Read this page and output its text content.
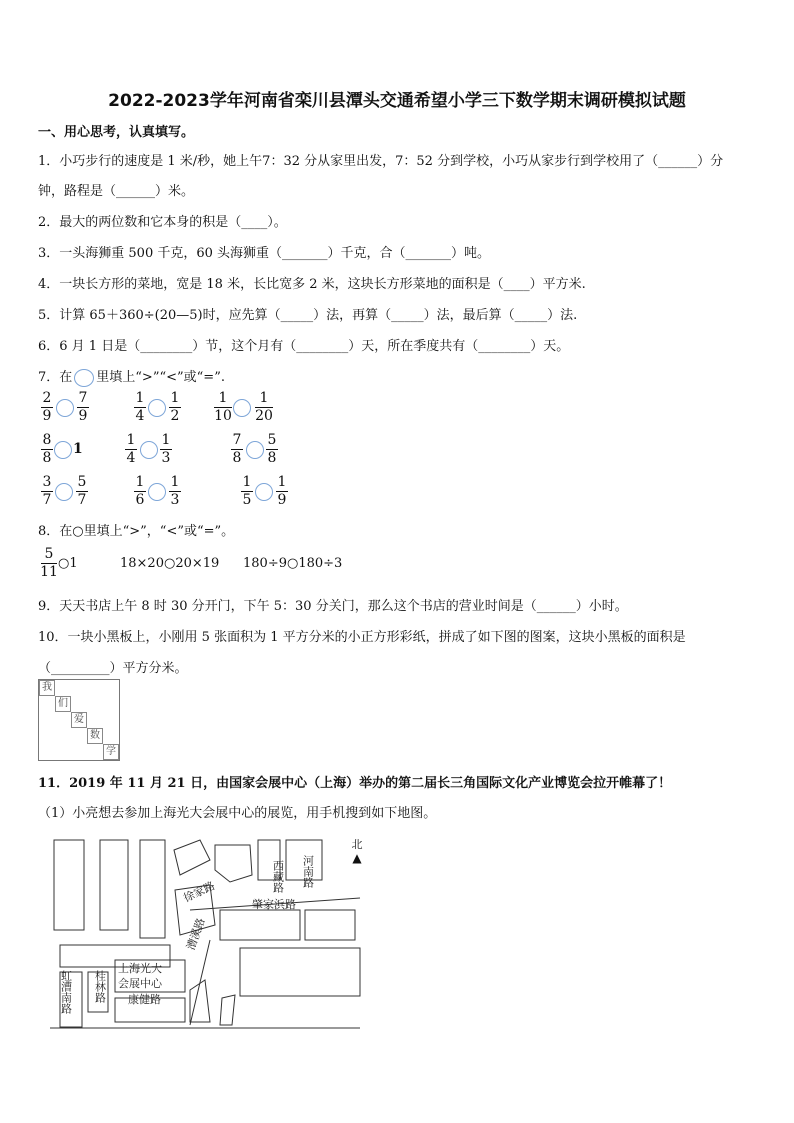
2022-2023学年河南省栾川县潭头交通希望小学三下数学期末调研模拟试题
一、用心思考，认真填写。
1．小巧步行的速度是 1 米/秒，她上午7：32 分从家里出发，7：52 分到学校，小巧从家步行到学校用了（______）分
钟，路程是（______）米。
2．最大的两位数和它本身的积是（____）。
3．一头海狮重 500 千克，60 头海狮重（_______）千克，合（_______）吨。
4．一块长方形的菜地，宽是 18 米，长比宽多 2 米，这块长方形菜地的面积是（____）平方米.
5．计算 65＋360÷(20—5)时，应先算（_____）法，再算（_____）法，最后算（_____）法.
6．6 月 1 日是（________）节，这个月有（________）天，所在季度共有（________）天。
7．在 里填上“>”“<”或“=”.
2
9
7
9
1
4
1
2
1
10
1
20
8
8
1
1
4
1
3
7
8
5
8
3
7
5
7
1
6
1
3
1
5
1
9
8．在○里填上“>”，“<”或“=”。
5
11
○1	18×20○20×19 180÷9○180÷3
9．天天书店上午 8 时 30 分开门，下午 5：30 分关门，那么这个书店的营业时间是（______）小时。
10．一块小黑板上，小刚用 5 张面积为 1 平方分米的小正方形彩纸，拼成了如下图的图案，这块小黑板的面积是
（_________）平方分米。
我
们
爱
数
学
11．2019 年 11 月 21 日，由国家会展中心（上海）举办的第二届长三角国际文化产业博览会拉开帷幕了！
（1）小亮想去参加上海光大会展中心的展览，用手机搜到如下地图。
西藏路 河南路
徐家路	肇家浜路
漕溪路
虹漕南路 桂林路
上海光大
会展中心
康健路
北
▲
